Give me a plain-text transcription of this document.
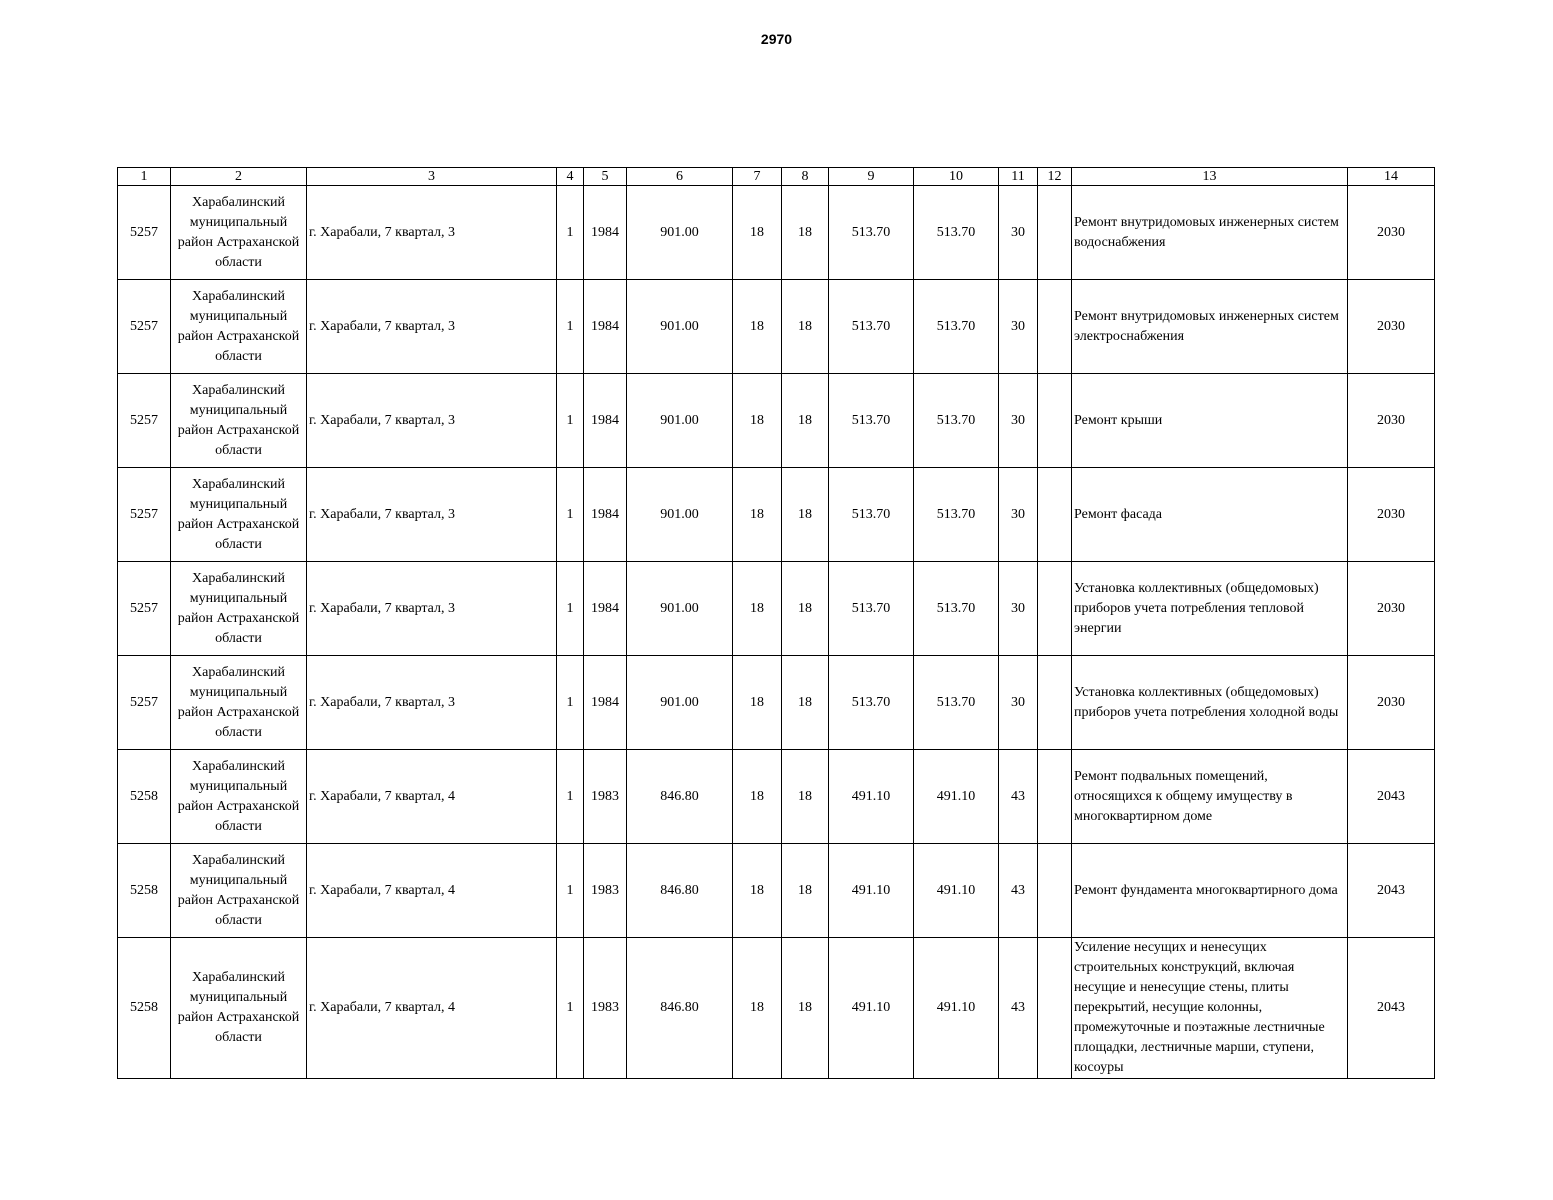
2970
1	2	3	4	5	6	7	8	9	10	11	12	13	14
5257	Харабалинский муниципальный район Астраханской области	г. Харабали, 7 квартал, 3	1	1984	901.00	18	18	513.70	513.70	30		Ремонт внутридомовых инженерных систем водоснабжения	2030
5257	Харабалинский муниципальный район Астраханской области	г. Харабали, 7 квартал, 3	1	1984	901.00	18	18	513.70	513.70	30		Ремонт внутридомовых инженерных систем электроснабжения	2030
5257	Харабалинский муниципальный район Астраханской области	г. Харабали, 7 квартал, 3	1	1984	901.00	18	18	513.70	513.70	30		Ремонт крыши	2030
5257	Харабалинский муниципальный район Астраханской области	г. Харабали, 7 квартал, 3	1	1984	901.00	18	18	513.70	513.70	30		Ремонт фасада	2030
5257	Харабалинский муниципальный район Астраханской области	г. Харабали, 7 квартал, 3	1	1984	901.00	18	18	513.70	513.70	30		Установка коллективных (общедомовых) приборов учета потребления тепловой энергии	2030
5257	Харабалинский муниципальный район Астраханской области	г. Харабали, 7 квартал, 3	1	1984	901.00	18	18	513.70	513.70	30		Установка коллективных (общедомовых) приборов учета потребления холодной воды	2030
5258	Харабалинский муниципальный район Астраханской области	г. Харабали, 7 квартал, 4	1	1983	846.80	18	18	491.10	491.10	43		Ремонт подвальных помещений, относящихся к общему имуществу в многоквартирном доме	2043
5258	Харабалинский муниципальный район Астраханской области	г. Харабали, 7 квартал, 4	1	1983	846.80	18	18	491.10	491.10	43		Ремонт фундамента многоквартирного дома	2043
5258	Харабалинский муниципальный район Астраханской области	г. Харабали, 7 квартал, 4	1	1983	846.80	18	18	491.10	491.10	43		Усиление несущих и ненесущих строительных конструкций, включая несущие и ненесущие стены, плиты перекрытий, несущие колонны, промежуточные и поэтажные лестничные площадки, лестничные марши, ступени, косоуры	2043
